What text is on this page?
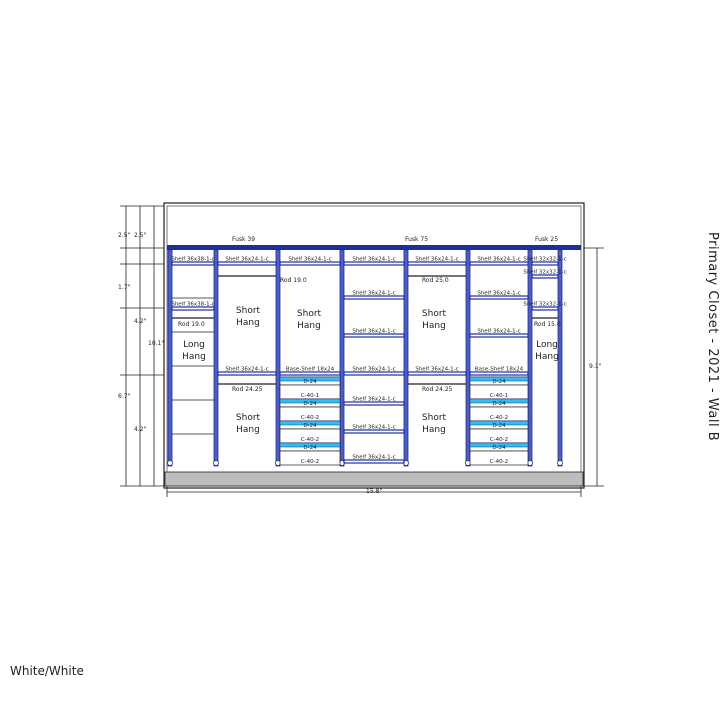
Shelf 36x38-1-c
Shelf 36x38-1-c
Shelf 36x24-1-c
Shelf 36x24-1-c
Shelf 36x24-1-c
Base-Shelf 18x24
D-24
C-40-1
D-24
C-40-2
D-24
C-40-2
D-24
C-40-2
Shelf 36x24-1-c
Shelf 36x24-1-c
Shelf 36x24-1-c
Shelf 36x24-1-c
Shelf 36x24-1-c
Shelf 36x24-1-c
Shelf 36x24-1-c
Shelf 36x24-1-c
Shelf 36x24-1-c
Shelf 36x24-1-c
Shelf 36x24-1-c
Shelf 36x24-1-c
Base-Shelf 18x24
D-24
C-40-1
D-24
C-40-2
D-24
C-40-2
D-24
C-40-2
Shelf 32x32-1-c
Shelf 32x32-1-c
Shelf 32x32-1-c
Fusk 39	Fusk 75	Fusk 25
Short
Hang
Short
Hang
Long
Hang
Short
Hang
Short
Hang
Short
Hang
Long
Hang
Rod 19.0
Rod 19.0
Rod 24.25
Rod 25.0
Rod 24.25
Rod 15.0
2.5" 2.5"
1.7"
4.2"
6.7"
4.2"
10.1"
9.1"
15.8"
Primary Closet - 2021 - Wall B
White/White
